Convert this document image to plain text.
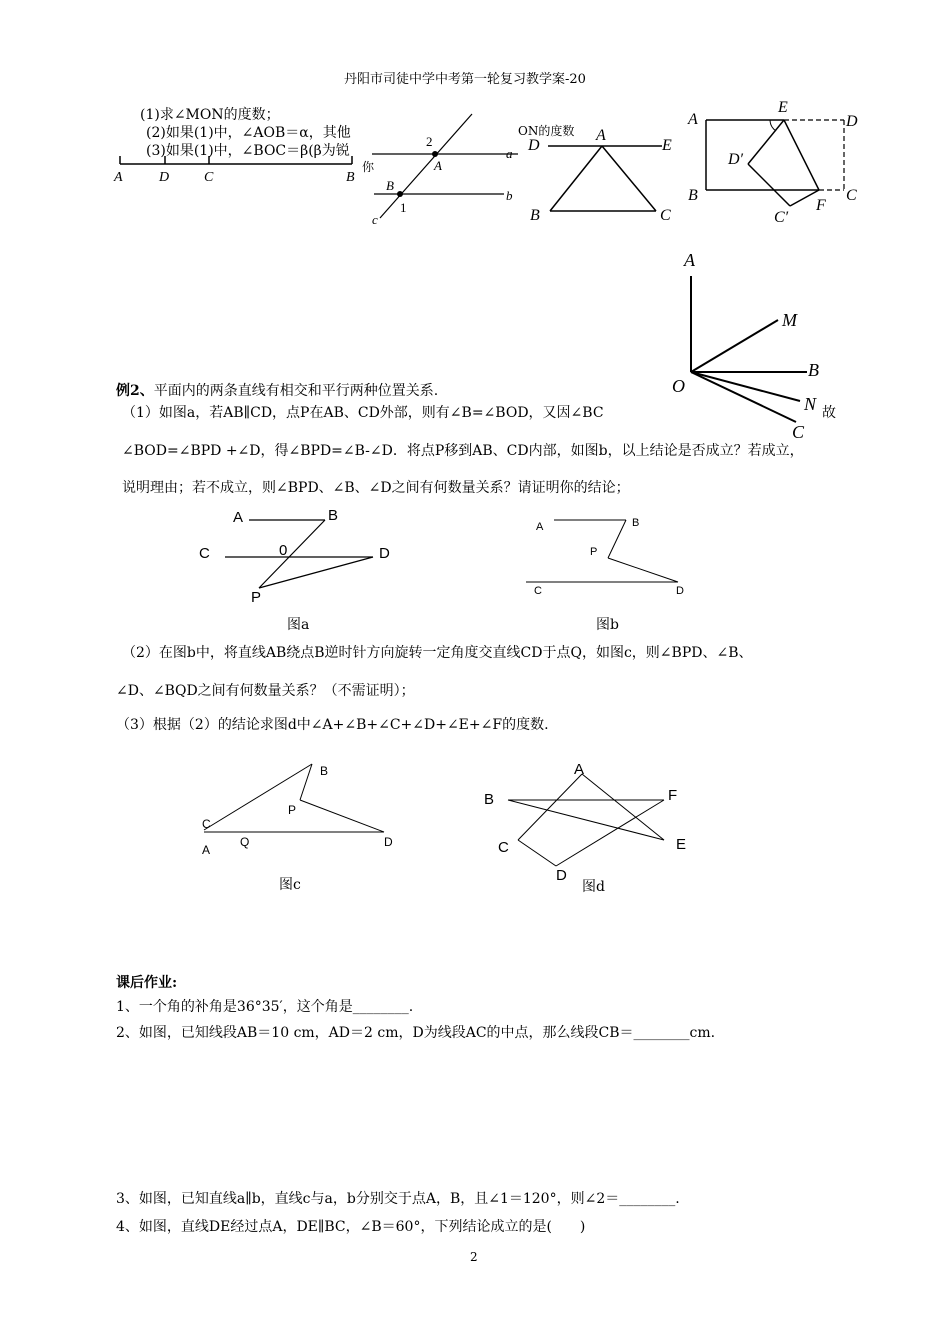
丹阳市司徒中学中考第一轮复习教学案-20
(1)求∠MON的度数；
(2)如果(1)中，∠AOB＝α，其他	ON的度数
(3)如果(1)中，∠BOC＝β(β为锐
你
A	D C	B
2
A
a
B
1
b
c
D
A
E
B	C
A
E
D
D′
B
C′
F
C
A
M
B
O
N
C
例2、平面内的两条直线有相交和平行两种位置关系.
（1）如图a，若AB∥CD，点P在AB、CD外部，则有∠B=∠BOD，又因∠BC	故
∠BOD=∠BPD +∠D，得∠BPD=∠B-∠D．将点P移到AB、CD内部，如图b，以上结论是否成立？若成立，
说明理由；若不成立，则∠BPD、∠B、∠D之间有何数量关系？请证明你的结论；
A	B
C	0	D
P
图a
A	B
P
C	D
图b
（2）在图b中，将直线AB绕点B逆时针方向旋转一定角度交直线CD于点Q，如图c，则∠BPD、∠B、
∠D、∠BQD之间有何数量关系？（不需证明）；
（3）根据（2）的结论求图d中∠A+∠B+∠C+∠D+∠E+∠F的度数.
B
P
C
A
Q	D
图c
A
B	F
C	E
D
图d
课后作业:
1、一个角的补角是36°35′，这个角是________.
2、如图，已知线段AB＝10 cm，AD＝2 cm，D为线段AC的中点，那么线段CB＝________cm.
3、如图，已知直线a∥b，直线c与a，b分别交于点A，B，且∠1＝120°，则∠2＝________.
4、如图，直线DE经过点A，DE∥BC，∠B＝60°，下列结论成立的是(　　)
2
